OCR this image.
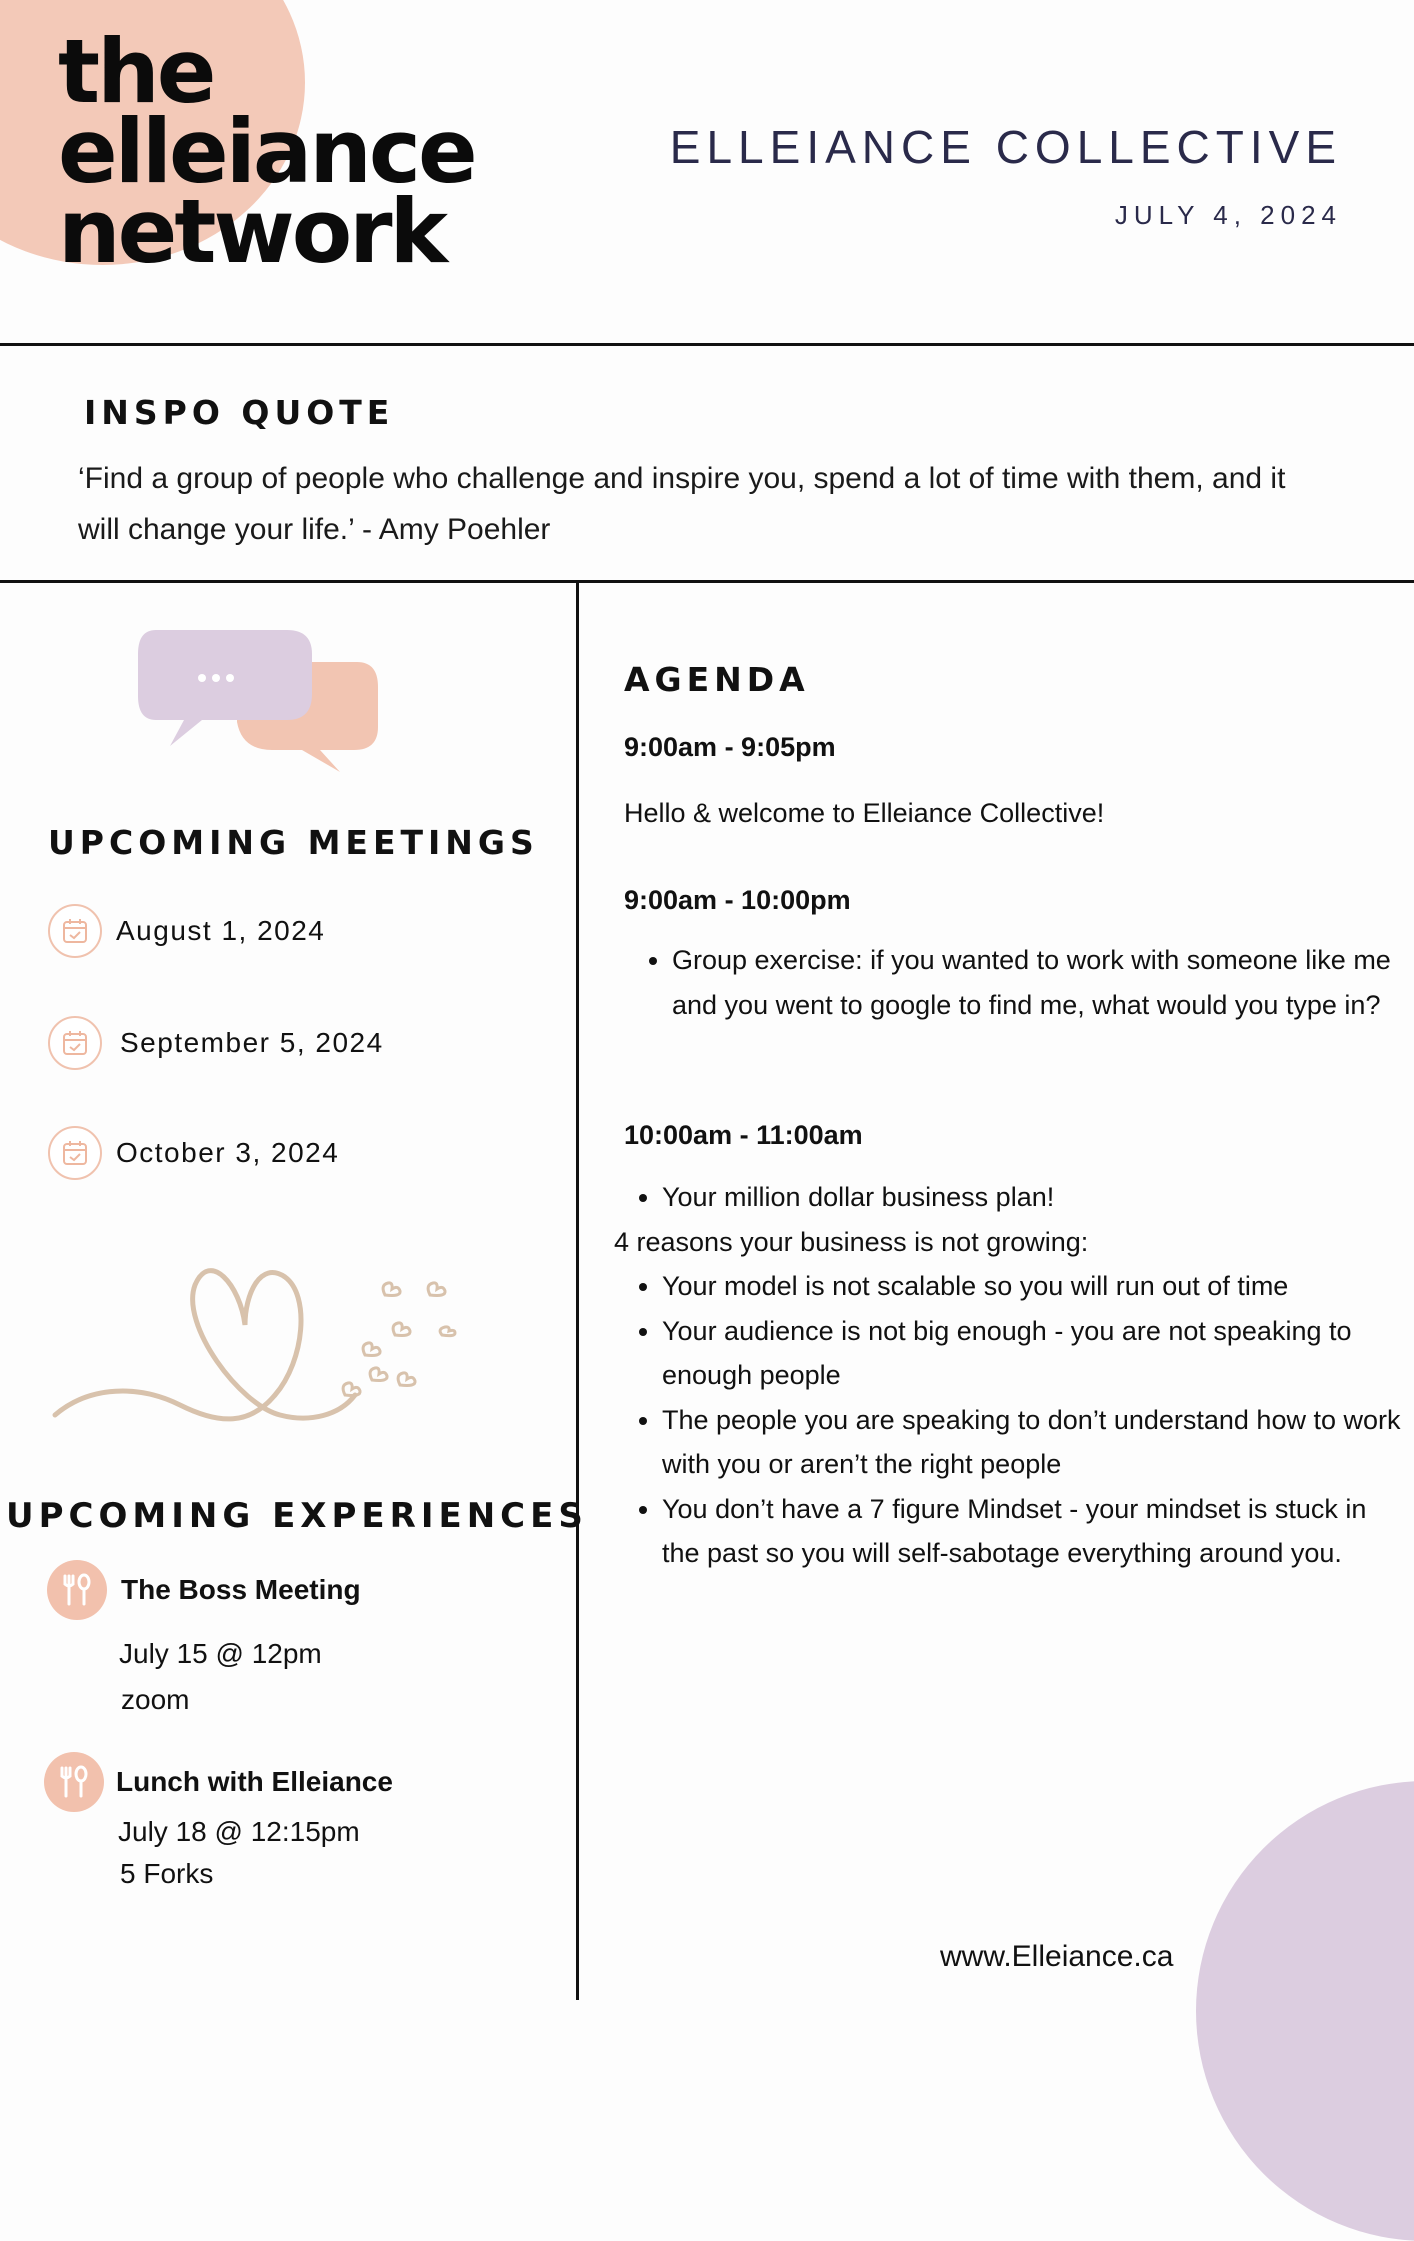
the
elleiance
network
ELLEIANCE COLLECTIVE
JULY 4, 2024
INSPO QUOTE
‘Find a group of people who challenge and inspire you, spend a lot of time with them, and it will change your life.’ - Amy Poehler
UPCOMING MEETINGS
August 1, 2024
September 5, 2024
October 3, 2024
UPCOMING EXPERIENCES
The Boss Meeting
July 15 @ 12pm
zoom
Lunch with Elleiance
July 18 @ 12:15pm
5 Forks
AGENDA
9:00am - 9:05pm
Hello & welcome to Elleiance Collective!
9:00am - 10:00pm
• Group exercise: if you wanted to work with someone like me and you went to google to find me, what would you type in?
10:00am - 11:00am
• Your million dollar business plan!
4 reasons your business is not growing:
• Your model is not scalable so you will run out of time
• Your audience is not big enough - you are not speaking to enough people
• The people you are speaking to don’t understand how to work with you or aren’t the right people
• You don’t have a 7 figure Mindset - your mindset is stuck in the past so you will self-sabotage everything around you.
www.Elleiance.ca
